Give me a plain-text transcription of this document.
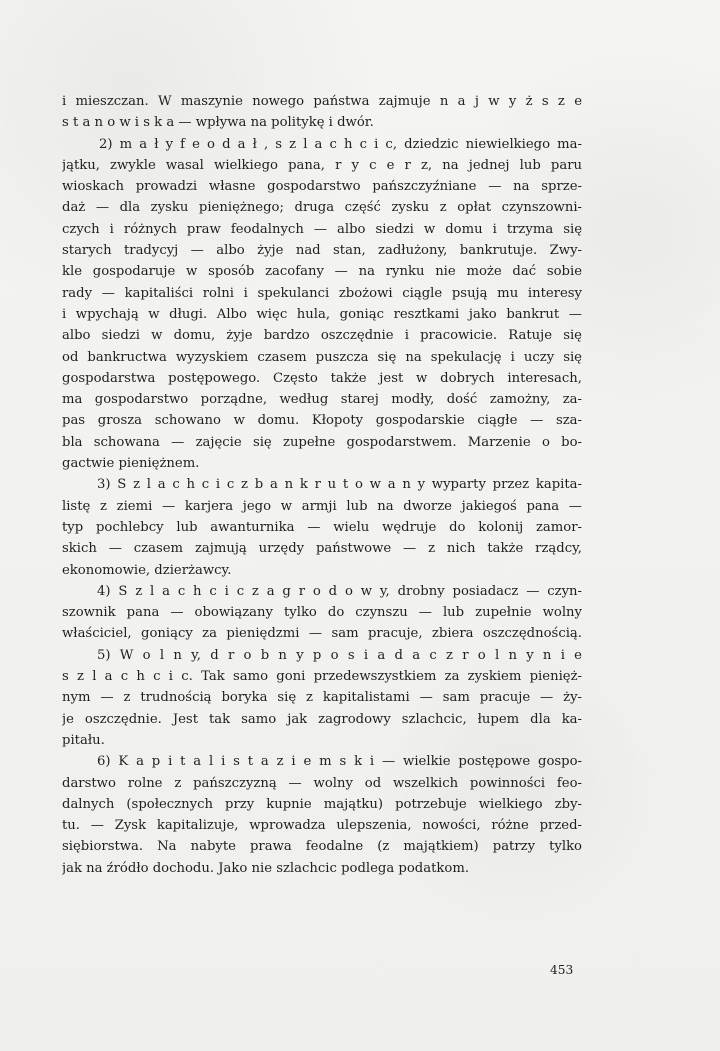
i mieszczan. W maszynie nowego państwa zajmuje n a j w y ż s z e
s t a n o w i s k a — wpływa na politykę i dwór.
2) m a ł y f e o d a ł , s z l a c h c i c, dziedzic niewielkiego ma-
jątku, zwykle wasal wielkiego pana, r y c e r z, na jednej lub paru
wioskach prowadzi własne gospodarstwo pańszczyźniane — na sprze-
daż — dla zysku pieniężnego; druga część zysku z opłat czynszowni-
czych i różnych praw feodalnych — albo siedzi w domu i trzyma się
starych tradycyj — albo żyje nad stan, zadłużony, bankrutuje. Zwy-
kle gospodaruje w sposób zacofany — na rynku nie może dać sobie
rady — kapitaliści rolni i spekulanci zbożowi ciągle psują mu interesy
i wpychają w długi. Albo więc hula, goniąc resztkami jako bankrut —
albo siedzi w domu, żyje bardzo oszczędnie i pracowicie. Ratuje się
od bankructwa wyzyskiem czasem puszcza się na spekulację i uczy się
gospodarstwa postępowego. Często także jest w dobrych interesach,
ma gospodarstwo porządne, według starej modły, dość zamożny, za-
pas grosza schowano w domu. Kłopoty gospodarskie ciągłe — sza-
bla schowana — zajęcie się zupełne gospodarstwem. Marzenie o bo-
gactwie pieniężnem.
3) S z l a c h c i c z b a n k r u t o w a n y wyparty przez kapita-
listę z ziemi — karjera jego w armji lub na dworze jakiegoś pana —
typ pochlebcy lub awanturnika — wielu wędruje do kolonij zamor-
skich — czasem zajmują urzędy państwowe — z nich także rządcy,
ekonomowie, dzierżawcy.
4) S z l a c h c i c z a g r o d o w y, drobny posiadacz — czyn-
szownik pana — obowiązany tylko do czynszu — lub zupełnie wolny
właściciel, goniący za pieniędzmi — sam pracuje, zbiera oszczędnością.
5) W o l n y, d r o b n y p o s i a d a c z r o l n y n i e
s z l a c h c i c. Tak samo goni przedewszystkiem za zyskiem pienięż-
nym — z trudnością boryka się z kapitalistami — sam pracuje — ży-
je oszczędnie. Jest tak samo jak zagrodowy szlachcic, łupem dla ka-
pitału.
6) K a p i t a l i s t a z i e m s k i — wielkie postępowe gospo-
darstwo rolne z pańszczyzną — wolny od wszelkich powinności feo-
dalnych (społecznych przy kupnie majątku) potrzebuje wielkiego zby-
tu. — Zysk kapitalizuje, wprowadza ulepszenia, nowości, różne przed-
siębiorstwa. Na nabyte prawa feodalne (z majątkiem) patrzy tylko
jak na źródło dochodu. Jako nie szlachcic podlega podatkom.
453
